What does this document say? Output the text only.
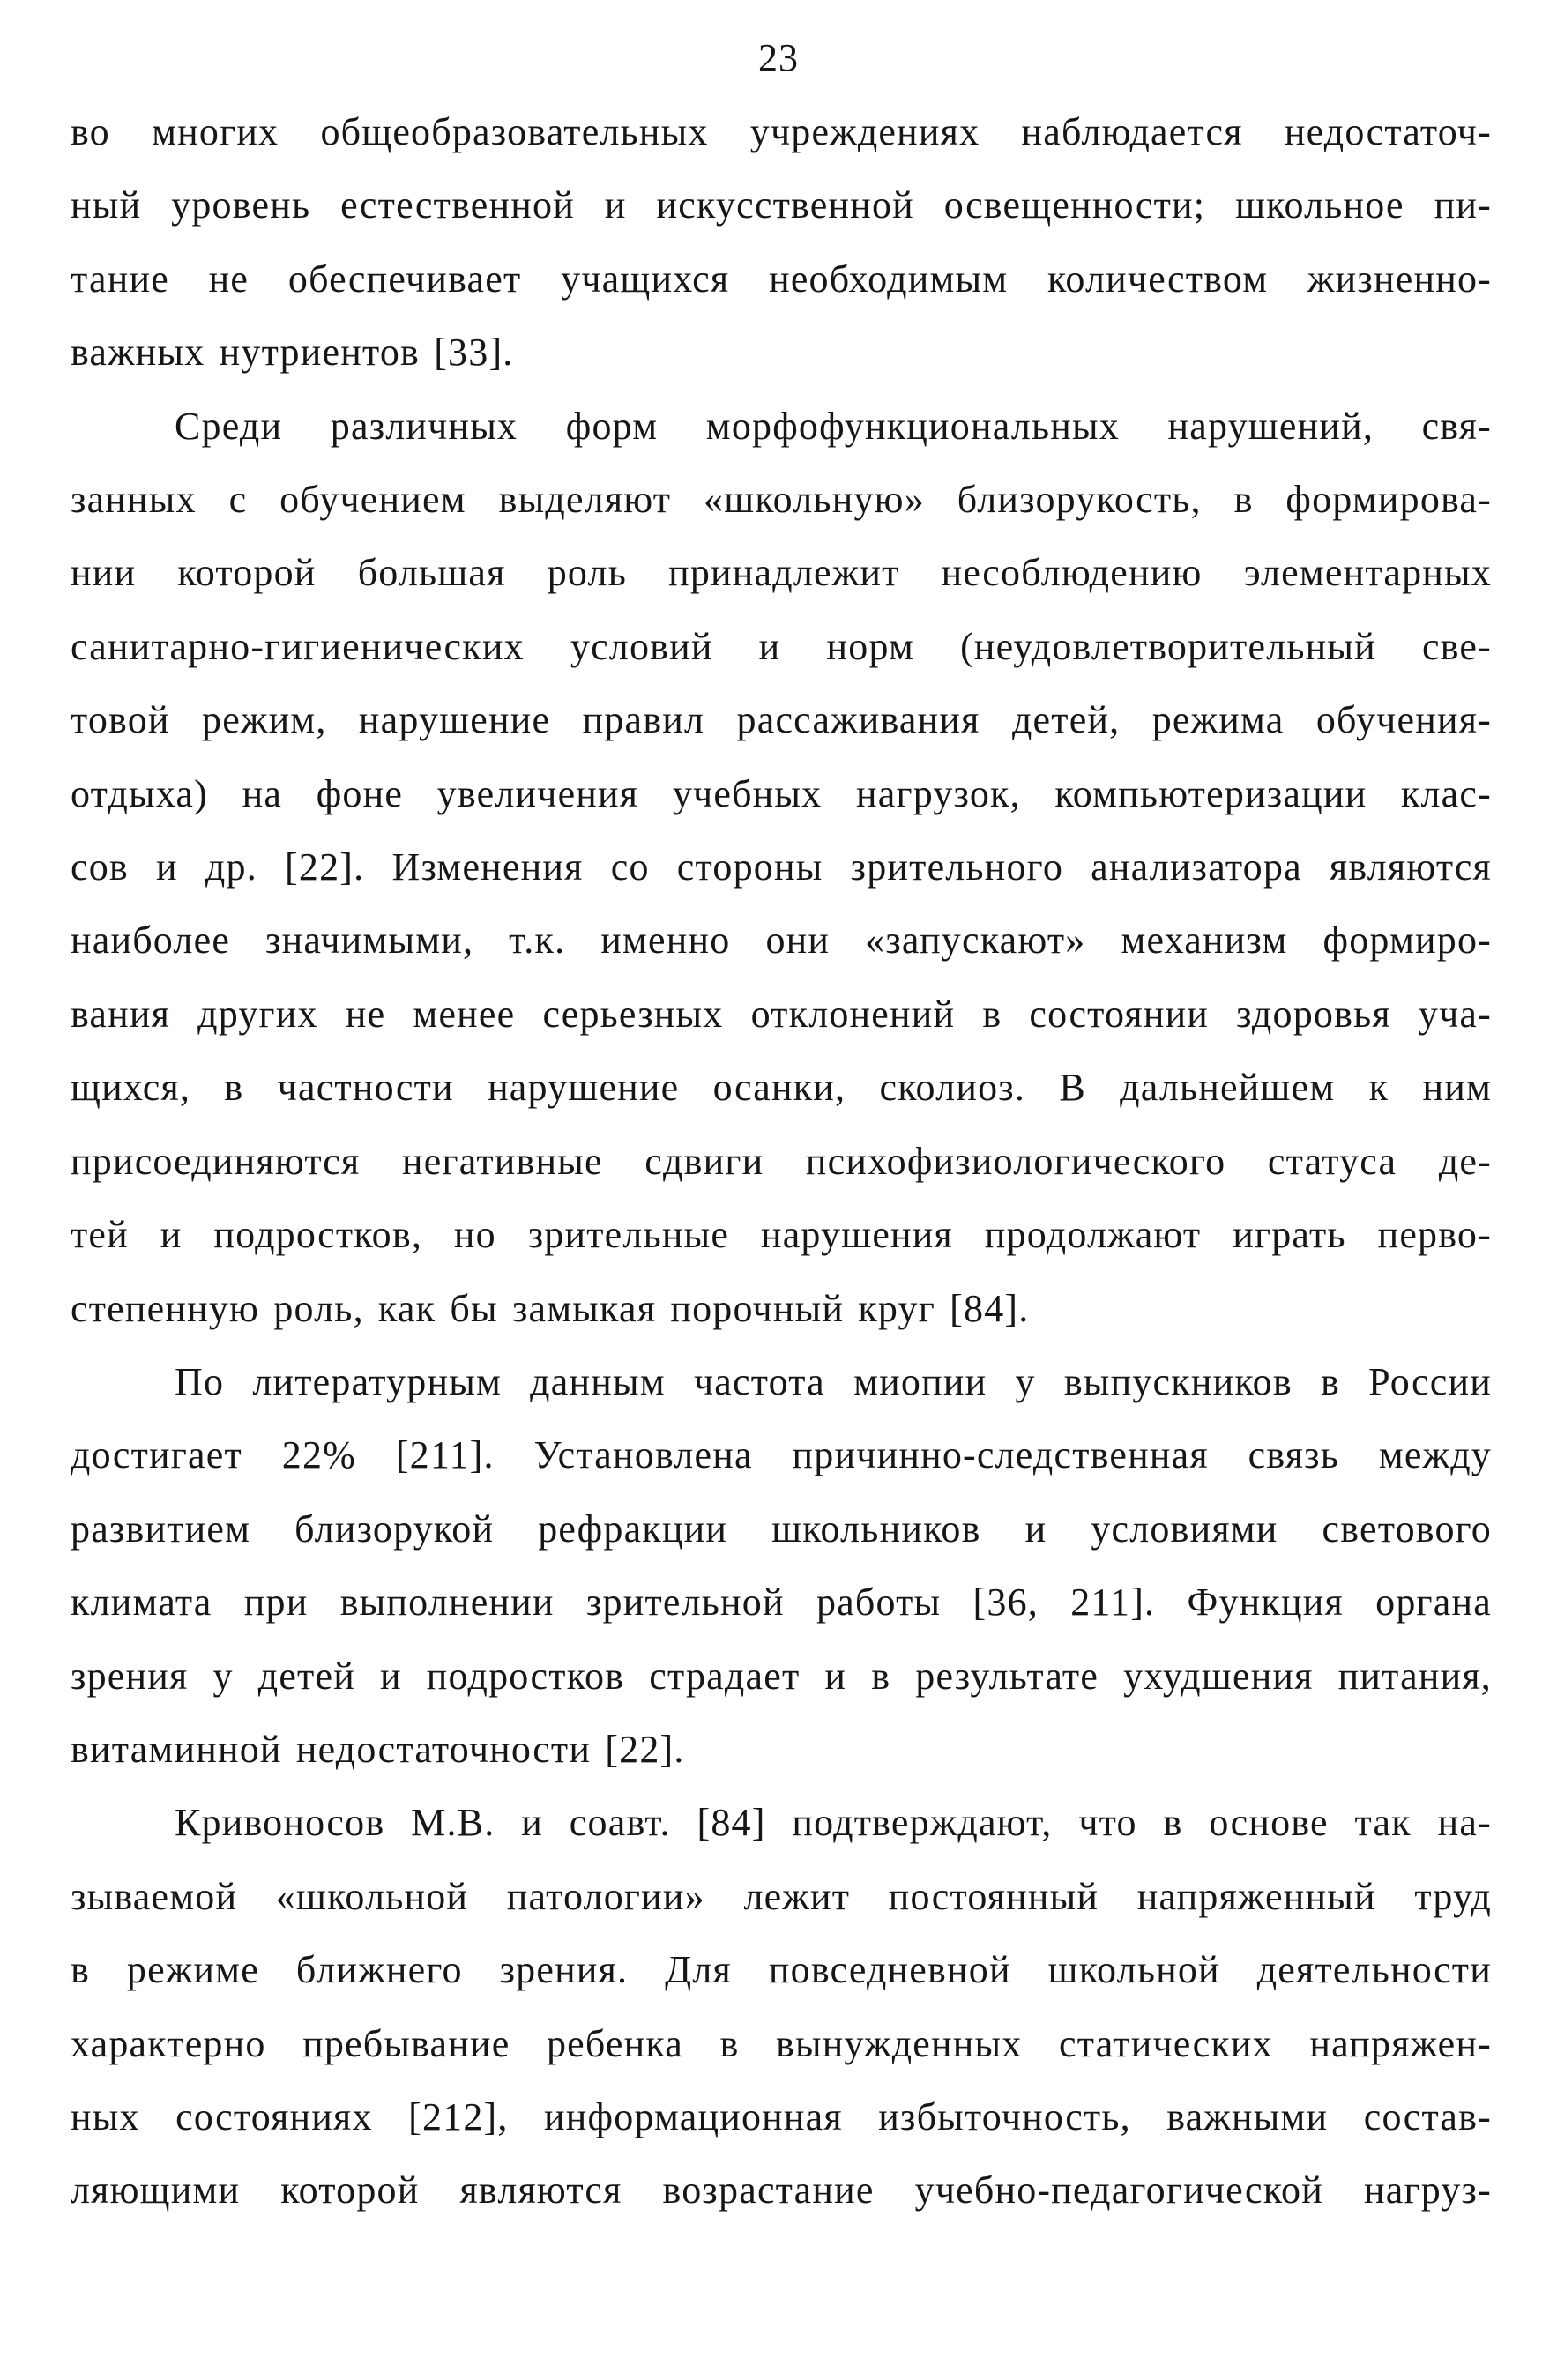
23

во многих общеобразовательных учреждениях наблюдается недостаточ-
ный уровень естественной и искусственной освещенности; школьное пи-
тание не обеспечивает учащихся необходимым количеством жизненно-
важных нутриентов [33].

Среди различных форм морфофункциональных нарушений, свя-
занных с обучением выделяют «школьную» близорукость, в формирова-
нии которой большая роль принадлежит несоблюдению элементарных
санитарно-гигиенических условий и норм (неудовлетворительный све-
товой режим, нарушение правил рассаживания детей, режима обучения-
отдыха) на фоне увеличения учебных нагрузок, компьютеризации клас-
сов и др. [22]. Изменения со стороны зрительного анализатора являются
наиболее значимыми, т.к. именно они «запускают» механизм формиро-
вания других не менее серьезных отклонений в состоянии здоровья уча-
щихся, в частности нарушение осанки, сколиоз. В дальнейшем к ним
присоединяются негативные сдвиги психофизиологического статуса де-
тей и подростков, но зрительные нарушения продолжают играть перво-
степенную роль, как бы замыкая порочный круг [84].

По литературным данным частота миопии у выпускников в России
достигает 22% [211]. Установлена причинно-следственная связь между
развитием близорукой рефракции школьников и условиями светового
климата при выполнении зрительной работы [36, 211]. Функция органа
зрения у детей и подростков страдает и в результате ухудшения питания,
витаминной недостаточности [22].

Кривоносов М.В. и соавт. [84] подтверждают, что в основе так на-
зываемой «школьной патологии» лежит постоянный напряженный труд
в режиме ближнего зрения. Для повседневной школьной деятельности
характерно пребывание ребенка в вынужденных статических напряжен-
ных состояниях [212], информационная избыточность, важными состав-
ляющими которой являются возрастание учебно-педагогической нагруз-
